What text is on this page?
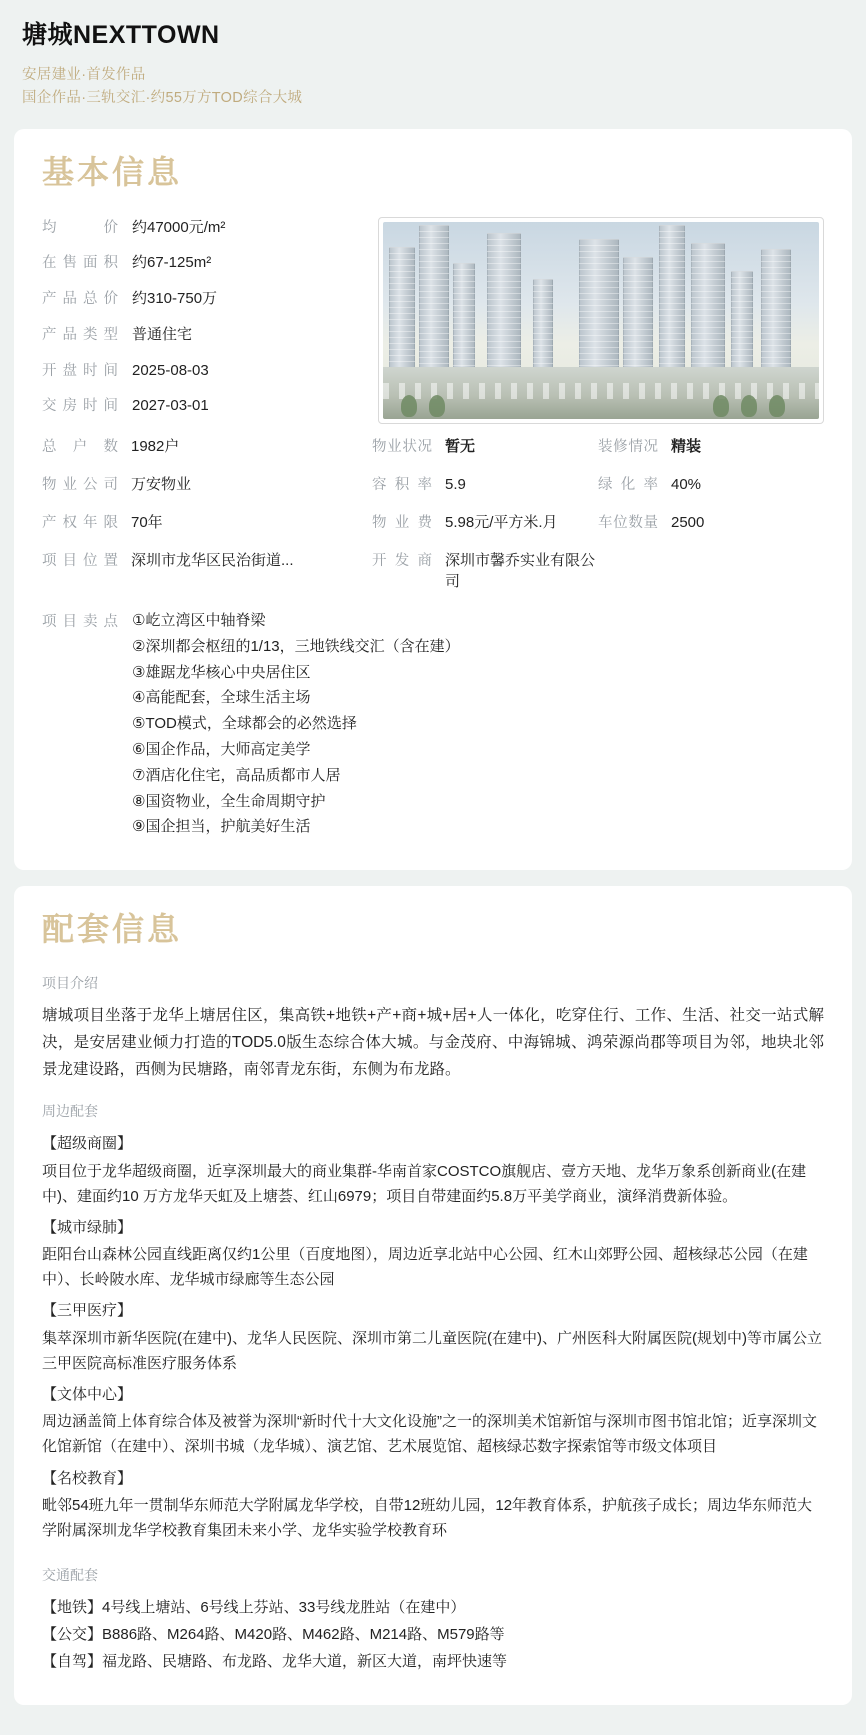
塘城NEXTTOWN
安居建业·首发作品
国企作品·三轨交汇·约55万方TOD综合大城
基本信息
均价 约47000元/m²
在售面积 约67-125m²
产品总价 约310-750万
产品类型 普通住宅
开盘时间 2025-08-03
交房时间 2027-03-01
总户数 1982户	物业状况 暂无	装修情况 精装
物业公司 万安物业	容积率 5.9	绿化率 40%
产权年限 70年	物业费 5.98元/平方米.月	车位数量 2500
项目位置 深圳市龙华区民治街道...	开发商 深圳市馨乔实业有限公司
项目卖点 ①屹立湾区中轴脊梁
②深圳都会枢纽的1/13，三地铁线交汇（含在建）
③雄踞龙华核心中央居住区
④高能配套，全球生活主场
⑤TOD模式，全球都会的必然选择
⑥国企作品，大师高定美学
⑦酒店化住宅，高品质都市人居
⑧国资物业，全生命周期守护
⑨国企担当，护航美好生活
配套信息
项目介绍

塘城项目坐落于龙华上塘居住区，集高铁+地铁+产+商+城+居+人一体化，吃穿住行、工作、生活、社交一站式解决，是安居建业倾力打造的TOD5.0版生态综合体大城。与金茂府、中海锦城、鸿荣源尚郡等项目为邻，地块北邻景龙建设路，西侧为民塘路，南邻青龙东街，东侧为布龙路。

周边配套
【超级商圈】
项目位于龙华超级商圈，近享深圳最大的商业集群-华南首家COSTCO旗舰店、壹方天地、龙华万象系创新商业(在建中)、建面约10 万方龙华天虹及上塘荟、红山6979；项目自带建面约5.8万平美学商业，演绎消费新体验。
【城市绿肺】
距阳台山森林公园直线距离仅约1公里（百度地图），周边近享北站中心公园、红木山郊野公园、超核绿芯公园（在建中）、长岭陂水库、龙华城市绿廊等生态公园
【三甲医疗】
集萃深圳市新华医院(在建中)、龙华人民医院、深圳市第二儿童医院(在建中)、广州医科大附属医院(规划中)等市属公立三甲医院高标准医疗服务体系
【文体中心】
周边涵盖简上体育综合体及被誉为深圳“新时代十大文化设施”之一的深圳美术馆新馆与深圳市图书馆北馆；近享深圳文化馆新馆（在建中）、深圳书城（龙华城）、演艺馆、艺术展览馆、超核绿芯数字探索馆等市级文体项目
【名校教育】
毗邻54班九年一贯制华东师范大学附属龙华学校，自带12班幼儿园，12年教育体系，护航孩子成长；周边华东师范大学附属深圳龙华学校教育集团未来小学、龙华实验学校教育环
交通配套
【地铁】4号线上塘站、6号线上芬站、33号线龙胜站（在建中）
【公交】B886路、M264路、M420路、M462路、M214路、M579路等
【自驾】福龙路、民塘路、布龙路、龙华大道，新区大道，南坪快速等
